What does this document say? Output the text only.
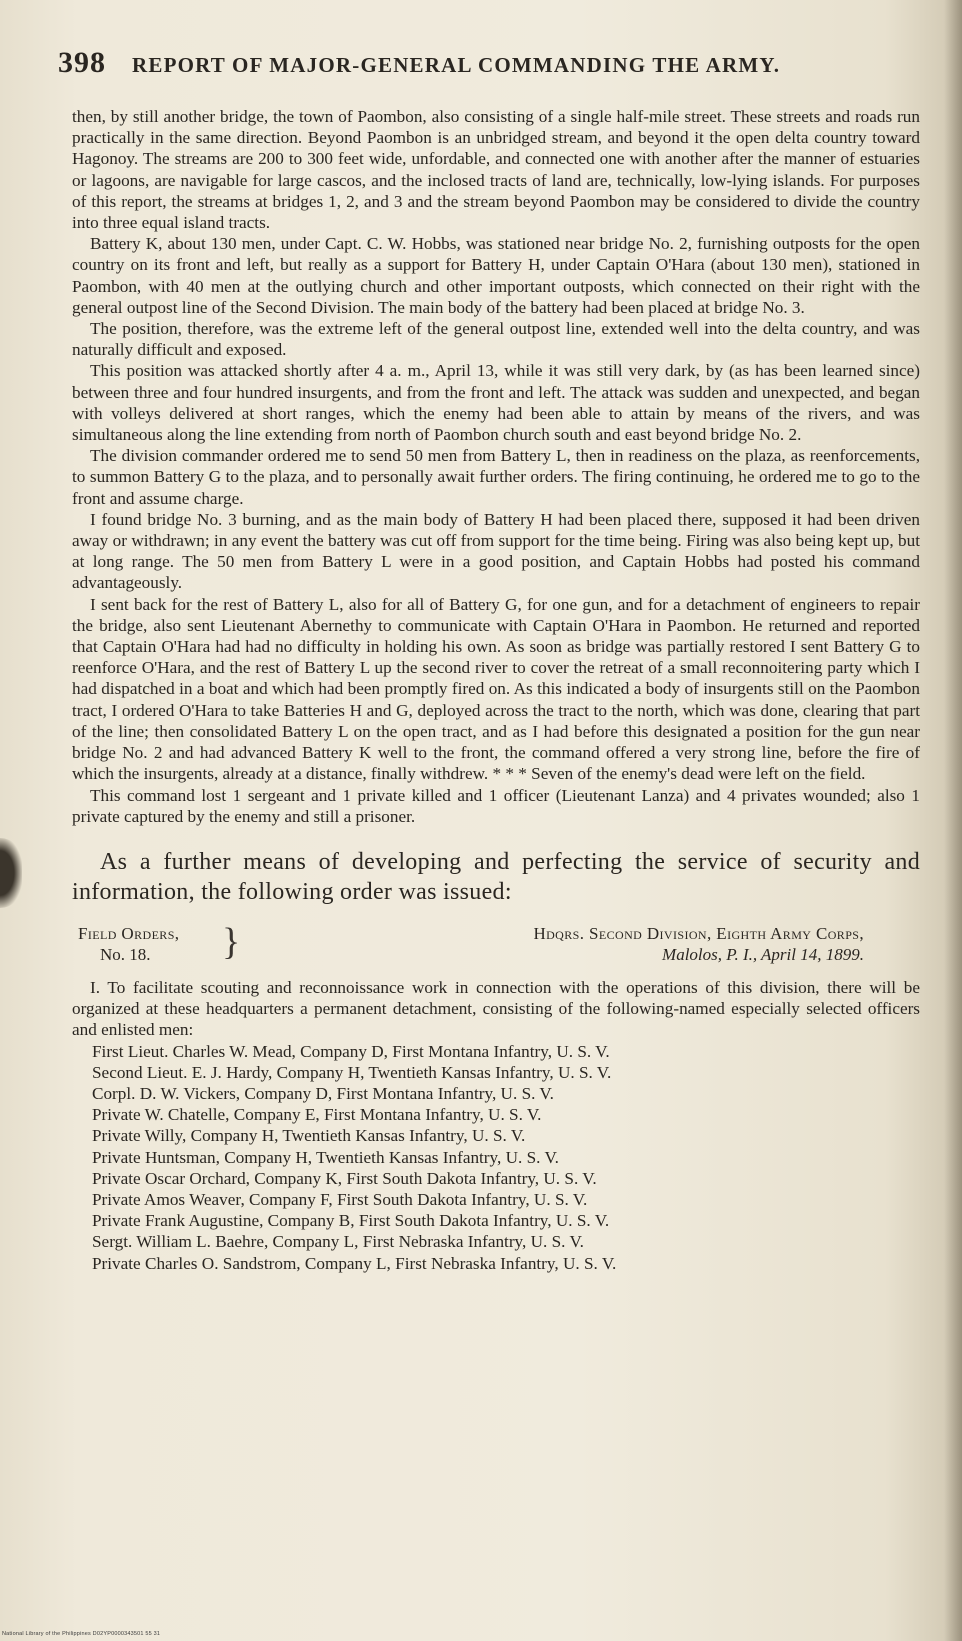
398 REPORT OF MAJOR-GENERAL COMMANDING THE ARMY.

then, by still another bridge, the town of Paombon, also consisting of a single half-mile street. These streets and roads run practically in the same direction. Beyond Paombon is an unbridged stream, and beyond it the open delta country toward Hagonoy. The streams are 200 to 300 feet wide, unfordable, and connected one with another after the manner of estuaries or lagoons, are navigable for large cascos, and the inclosed tracts of land are, technically, low-lying islands. For purposes of this report, the streams at bridges 1, 2, and 3 and the stream beyond Paombon may be considered to divide the country into three equal island tracts.

Battery K, about 130 men, under Capt. C. W. Hobbs, was stationed near bridge No. 2, furnishing outposts for the open country on its front and left, but really as a support for Battery H, under Captain O'Hara (about 130 men), stationed in Paombon, with 40 men at the outlying church and other important outposts, which connected on their right with the general outpost line of the Second Division. The main body of the battery had been placed at bridge No. 3.

The position, therefore, was the extreme left of the general outpost line, extended well into the delta country, and was naturally difficult and exposed.

This position was attacked shortly after 4 a. m., April 13, while it was still very dark, by (as has been learned since) between three and four hundred insurgents, and from the front and left. The attack was sudden and unexpected, and began with volleys delivered at short ranges, which the enemy had been able to attain by means of the rivers, and was simultaneous along the line extending from north of Paombon church south and east beyond bridge No. 2.

The division commander ordered me to send 50 men from Battery L, then in readiness on the plaza, as reenforcements, to summon Battery G to the plaza, and to personally await further orders. The firing continuing, he ordered me to go to the front and assume charge.

I found bridge No. 3 burning, and as the main body of Battery H had been placed there, supposed it had been driven away or withdrawn; in any event the battery was cut off from support for the time being. Firing was also being kept up, but at long range. The 50 men from Battery L were in a good position, and Captain Hobbs had posted his command advantageously.

I sent back for the rest of Battery L, also for all of Battery G, for one gun, and for a detachment of engineers to repair the bridge, also sent Lieutenant Abernethy to communicate with Captain O'Hara in Paombon. He returned and reported that Captain O'Hara had had no difficulty in holding his own. As soon as bridge was partially restored I sent Battery G to reenforce O'Hara, and the rest of Battery L up the second river to cover the retreat of a small reconnoitering party which I had dispatched in a boat and which had been promptly fired on. As this indicated a body of insurgents still on the Paombon tract, I ordered O'Hara to take Batteries H and G, deployed across the tract to the north, which was done, clearing that part of the line; then consolidated Battery L on the open tract, and as I had before this designated a position for the gun near bridge No. 2 and had advanced Battery K well to the front, the command offered a very strong line, before the fire of which the insurgents, already at a distance, finally withdrew. * * * Seven of the enemy's dead were left on the field.

This command lost 1 sergeant and 1 private killed and 1 officer (Lieutenant Lanza) and 4 privates wounded; also 1 private captured by the enemy and still a prisoner.

As a further means of developing and perfecting the service of security and information, the following order was issued:

Field Orders,
No. 18.	}	Hdqrs. Second Division, Eighth Army Corps,
Malolos, P. I., April 14, 1899.

I. To facilitate scouting and reconnoissance work in connection with the operations of this division, there will be organized at these headquarters a permanent detachment, consisting of the following-named especially selected officers and enlisted men:

First Lieut. Charles W. Mead, Company D, First Montana Infantry, U. S. V.
Second Lieut. E. J. Hardy, Company H, Twentieth Kansas Infantry, U. S. V.
Corpl. D. W. Vickers, Company D, First Montana Infantry, U. S. V.
Private W. Chatelle, Company E, First Montana Infantry, U. S. V.
Private Willy, Company H, Twentieth Kansas Infantry, U. S. V.
Private Huntsman, Company H, Twentieth Kansas Infantry, U. S. V.
Private Oscar Orchard, Company K, First South Dakota Infantry, U. S. V.
Private Amos Weaver, Company F, First South Dakota Infantry, U. S. V.
Private Frank Augustine, Company B, First South Dakota Infantry, U. S. V.
Sergt. William L. Baehre, Company L, First Nebraska Infantry, U. S. V.
Private Charles O. Sandstrom, Company L, First Nebraska Infantry, U. S. V.
National Library of the Philippines D02YP0000343501 55 31
